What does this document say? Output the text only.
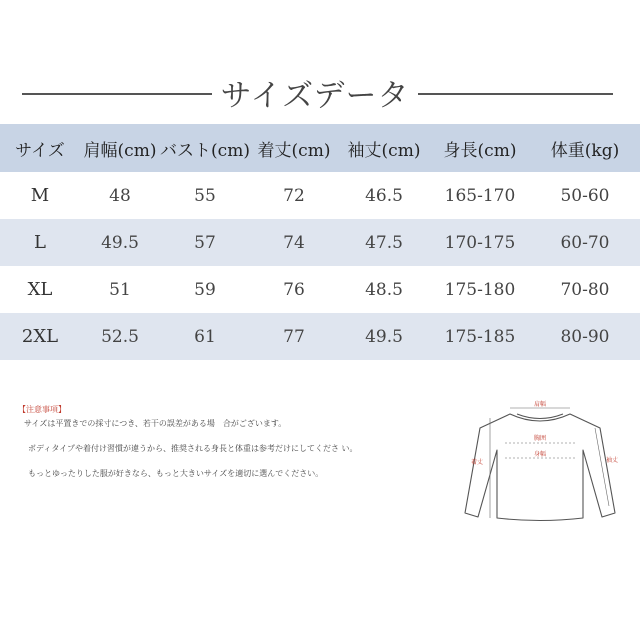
サイズデータ
サイズ	肩幅(cm)	バスト(cm)	着丈(cm)	袖丈(cm)	身長(cm)	体重(kg)
M	48	55	72	46.5	165-170	50-60
L	49.5	57	74	47.5	170-175	60-70
XL	51	59	76	48.5	175-180	70-80
2XL	52.5	61	77	49.5	175-185	80-90

【注意事項】

サイズは平置きでの採寸につき、若干の誤差がある場　合がございます。

ボディタイプや着付け習慣が違うから、推奨される身長と体重は参考だけにしてくださ い。

もっとゆったりした服が好きなら、もっと大きいサイズを適切に選んでください。

肩幅
胸囲
身幅
着丈	袖丈
